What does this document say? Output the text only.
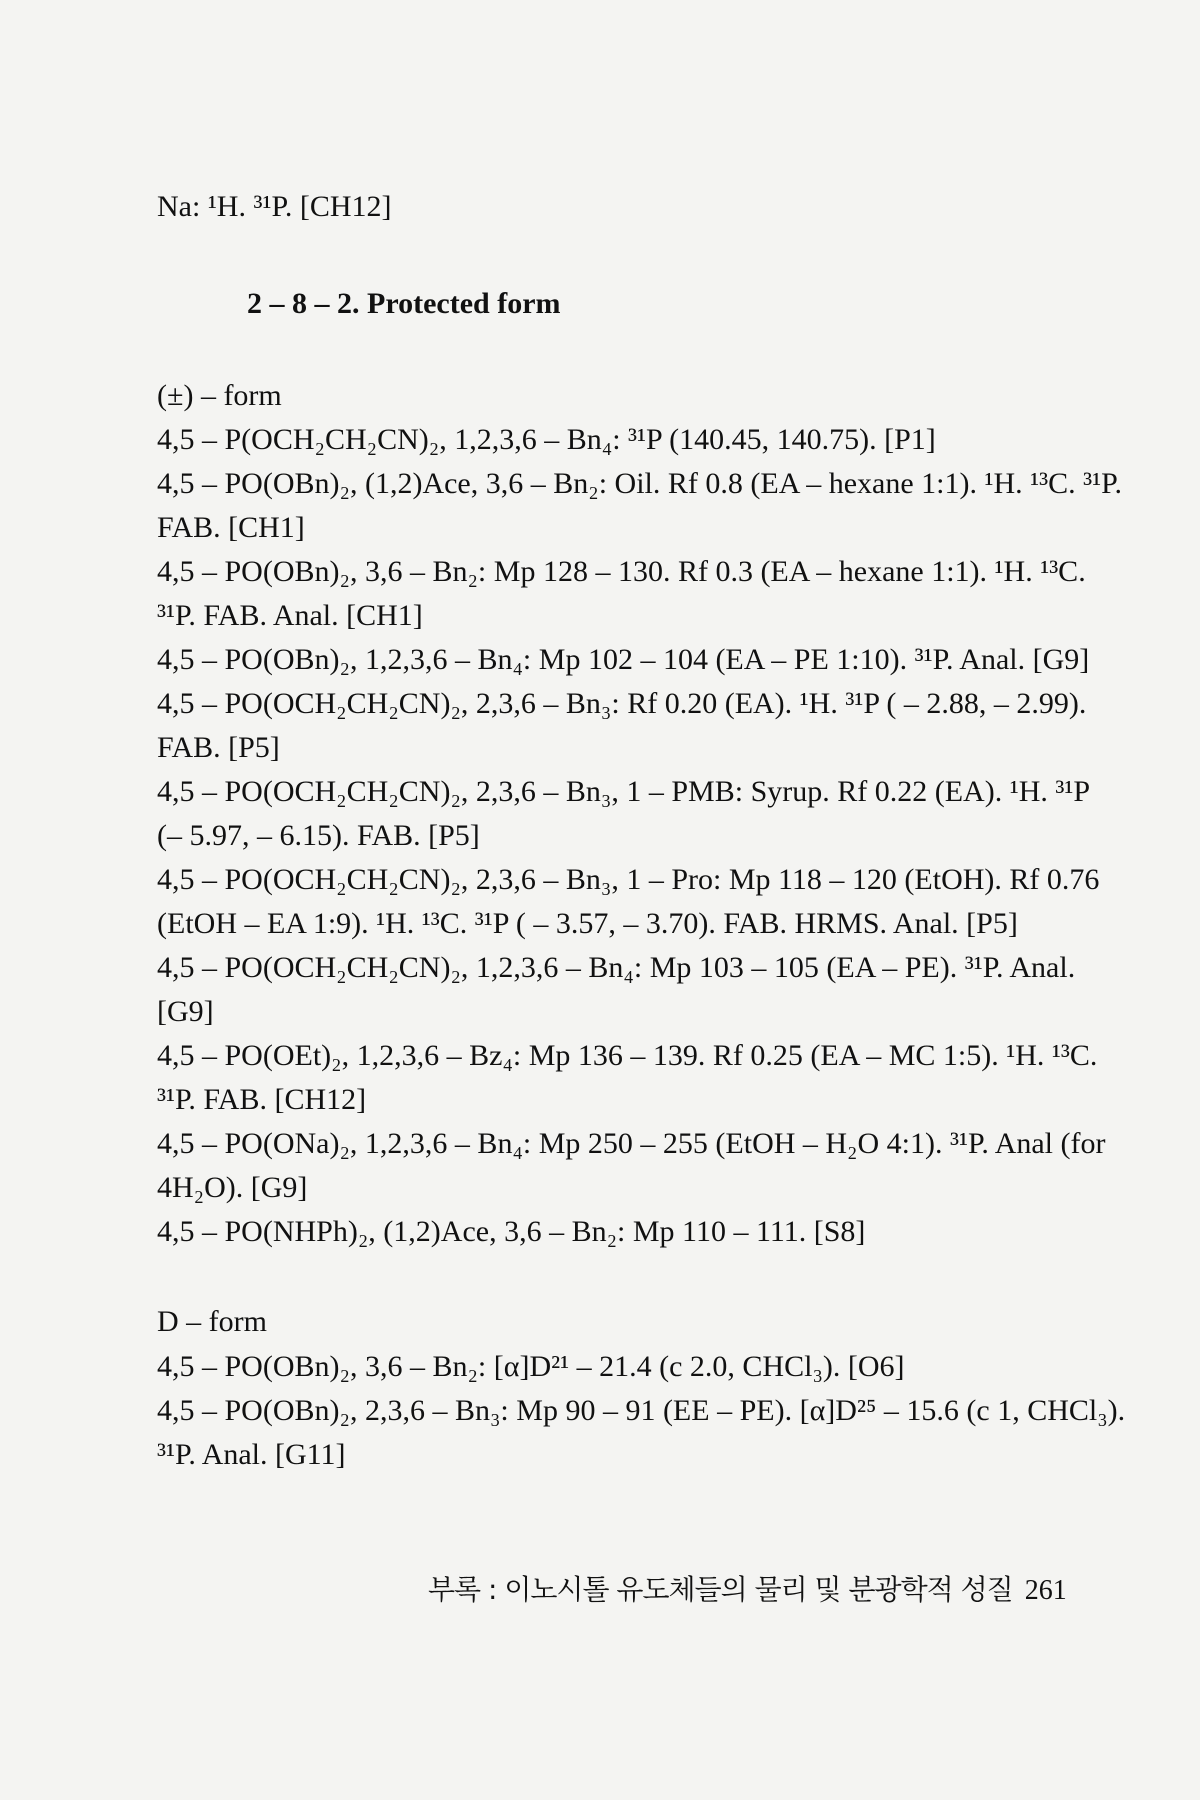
Na: ¹H. ³¹P. [CH12]
2 – 8 – 2. Protected form
(±) – form
4,5 – P(OCH₂CH₂CN)₂, 1,2,3,6 – Bn₄: ³¹P (140.45, 140.75). [P1]
4,5 – PO(OBn)₂, (1,2)Ace, 3,6 – Bn₂: Oil. Rf 0.8 (EA – hexane 1:1). ¹H. ¹³C. ³¹P.
FAB. [CH1]
4,5 – PO(OBn)₂, 3,6 – Bn₂: Mp 128 – 130. Rf 0.3 (EA – hexane 1:1). ¹H. ¹³C.
³¹P. FAB. Anal. [CH1]
4,5 – PO(OBn)₂, 1,2,3,6 – Bn₄: Mp 102 – 104 (EA – PE 1:10). ³¹P. Anal. [G9]
4,5 – PO(OCH₂CH₂CN)₂, 2,3,6 – Bn₃: Rf 0.20 (EA). ¹H. ³¹P ( – 2.88, – 2.99).
FAB. [P5]
4,5 – PO(OCH₂CH₂CN)₂, 2,3,6 – Bn₃, 1 – PMB: Syrup. Rf 0.22 (EA). ¹H. ³¹P
(– 5.97, – 6.15). FAB. [P5]
4,5 – PO(OCH₂CH₂CN)₂, 2,3,6 – Bn₃, 1 – Pro: Mp 118 – 120 (EtOH). Rf 0.76
(EtOH – EA 1:9). ¹H. ¹³C. ³¹P ( – 3.57, – 3.70). FAB. HRMS. Anal. [P5]
4,5 – PO(OCH₂CH₂CN)₂, 1,2,3,6 – Bn₄: Mp 103 – 105 (EA – PE). ³¹P. Anal.
[G9]
4,5 – PO(OEt)₂, 1,2,3,6 – Bz₄: Mp 136 – 139. Rf 0.25 (EA – MC 1:5). ¹H. ¹³C.
³¹P. FAB. [CH12]
4,5 – PO(ONa)₂, 1,2,3,6 – Bn₄: Mp 250 – 255 (EtOH – H₂O 4:1). ³¹P. Anal (for
4H₂O). [G9]
4,5 – PO(NHPh)₂, (1,2)Ace, 3,6 – Bn₂: Mp 110 – 111. [S8]
D – form
4,5 – PO(OBn)₂, 3,6 – Bn₂: [α]D²¹ – 21.4 (c 2.0, CHCl₃). [O6]
4,5 – PO(OBn)₂, 2,3,6 – Bn₃: Mp 90 – 91 (EE – PE). [α]D²⁵ – 15.6 (c 1, CHCl₃).
³¹P. Anal. [G11]
부록 : 이노시톨 유도체들의 물리 및 분광학적 성질 261
